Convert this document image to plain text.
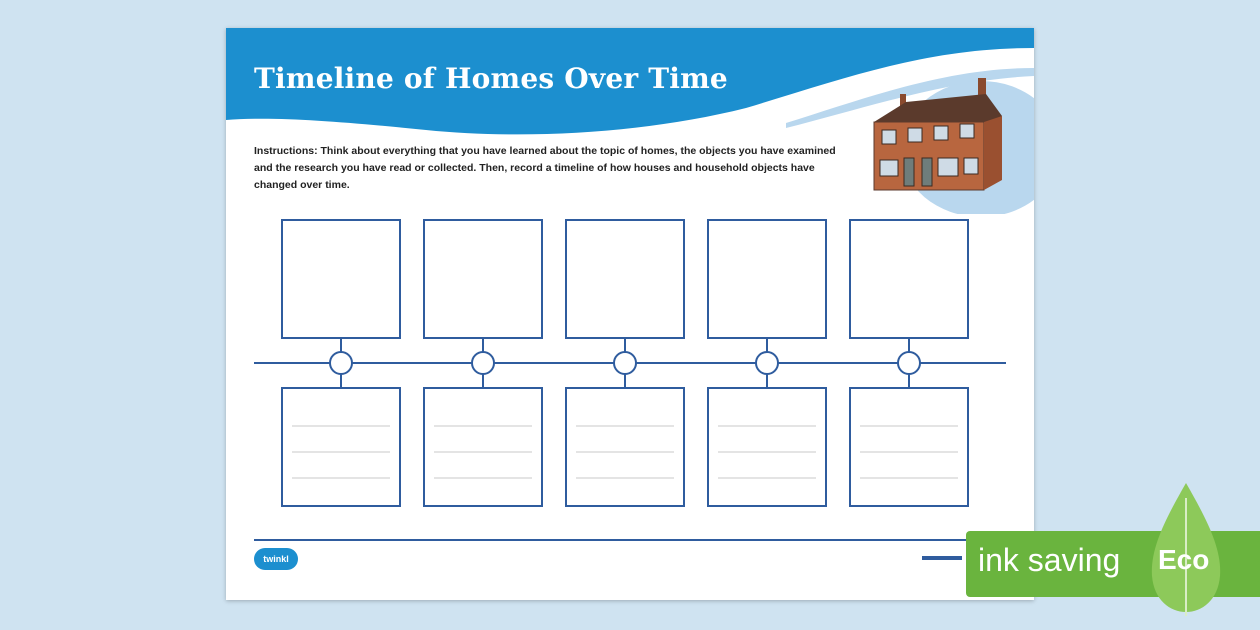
Timeline of Homes Over Time

Instructions: Think about everything that you have learned about the topic of homes, the objects you have examined and the research you have read or collected. Then, record a timeline of how houses and household objects have changed over time.

twinkl	ink saving Eco
